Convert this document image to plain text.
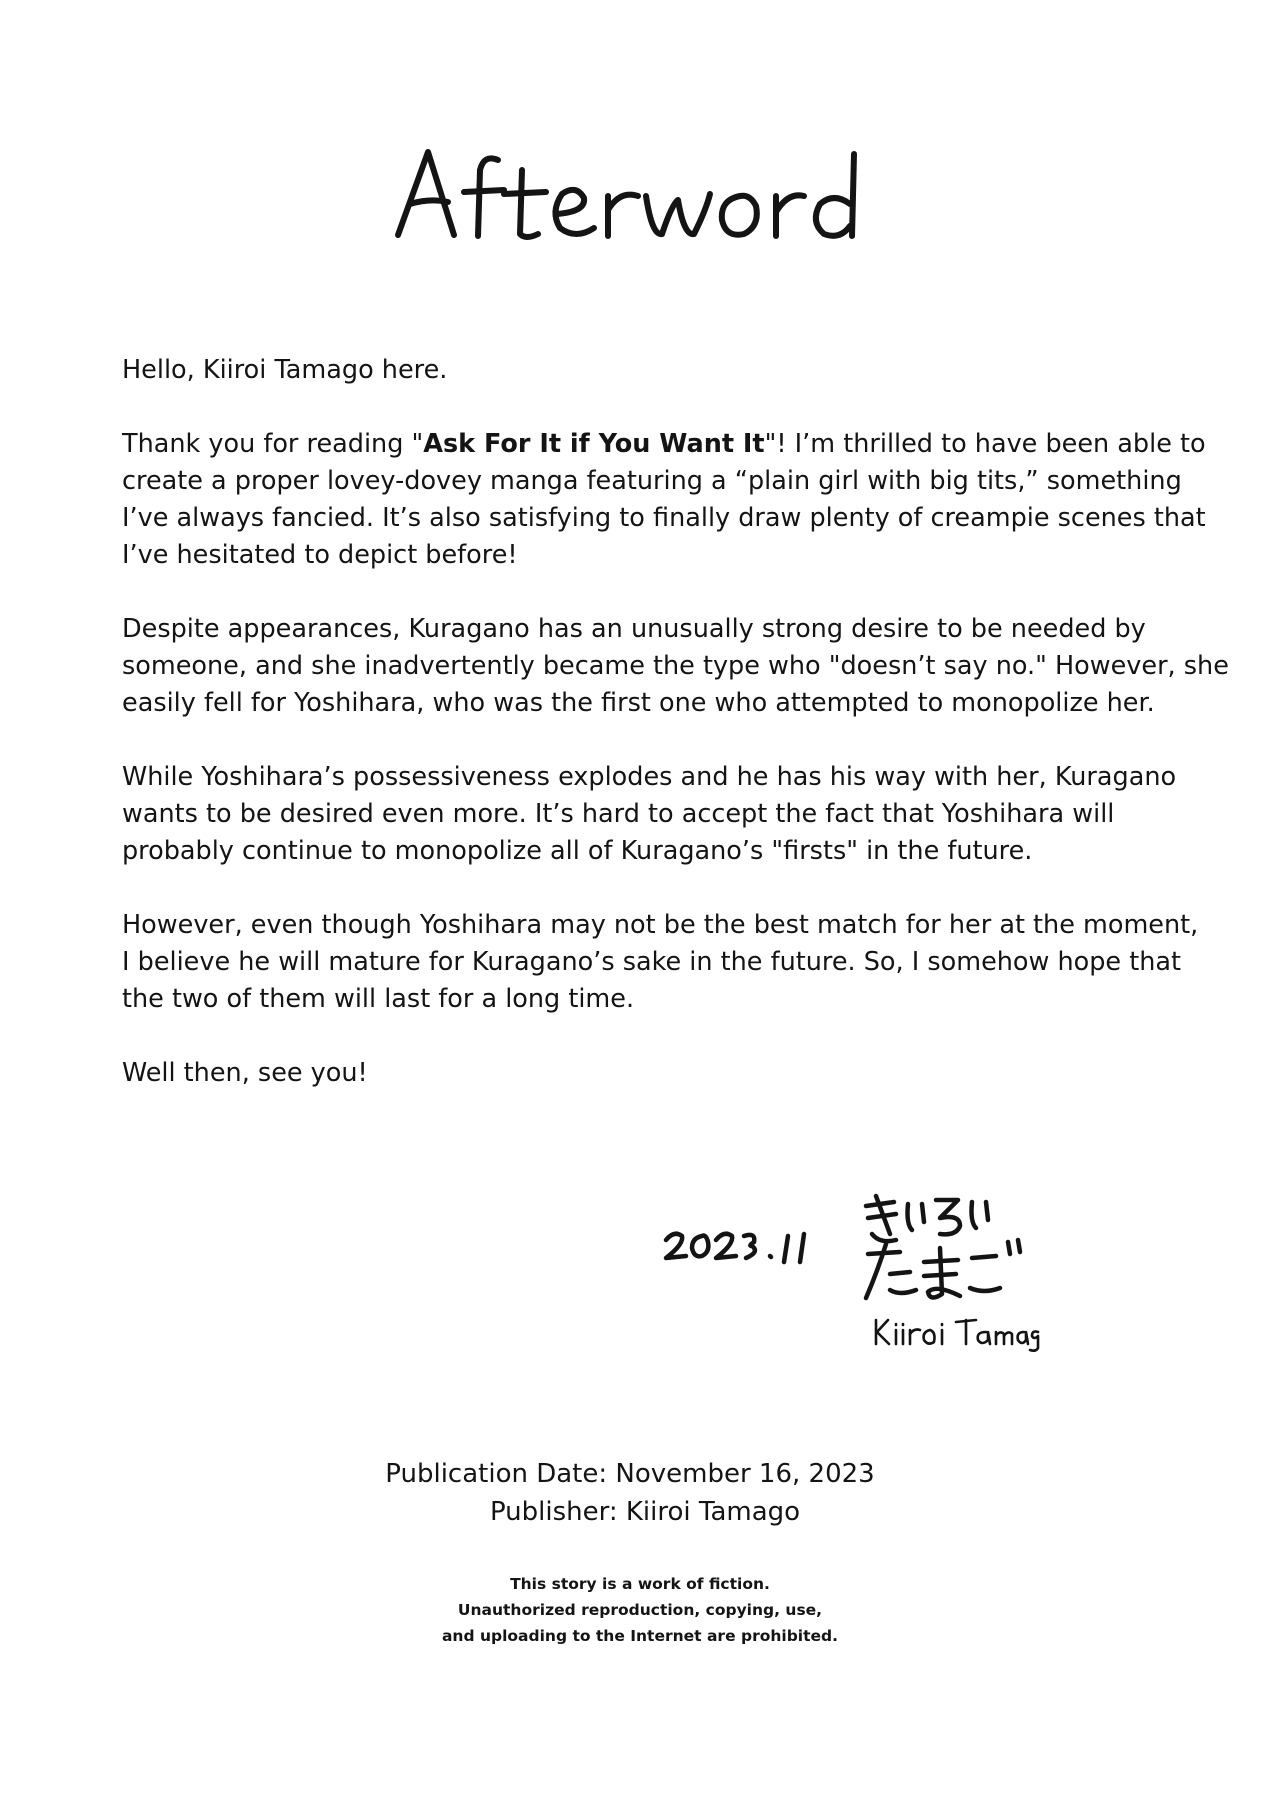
Hello, Kiiroi Tamago here.

Thank you for reading "Ask For It if You Want It"! I’m thrilled to have been able to
create a proper lovey-dovey manga featuring a “plain girl with big tits,” something
I’ve always fancied. It’s also satisfying to finally draw plenty of creampie scenes that
I’ve hesitated to depict before!

Despite appearances, Kuragano has an unusually strong desire to be needed by
someone, and she inadvertently became the type who "doesn’t say no." However, she
easily fell for Yoshihara, who was the first one who attempted to monopolize her.

While Yoshihara’s possessiveness explodes and he has his way with her, Kuragano
wants to be desired even more. It’s hard to accept the fact that Yoshihara will
probably continue to monopolize all of Kuragano’s "firsts" in the future.

However, even though Yoshihara may not be the best match for her at the moment,
I believe he will mature for Kuragano’s sake in the future. So, I somehow hope that
the two of them will last for a long time.

Well then, see you!

Publication Date: November 16, 2023
Publisher: Kiiroi Tamago
This story is a work of fiction.
Unauthorized reproduction, copying, use,
and uploading to the Internet are prohibited.
